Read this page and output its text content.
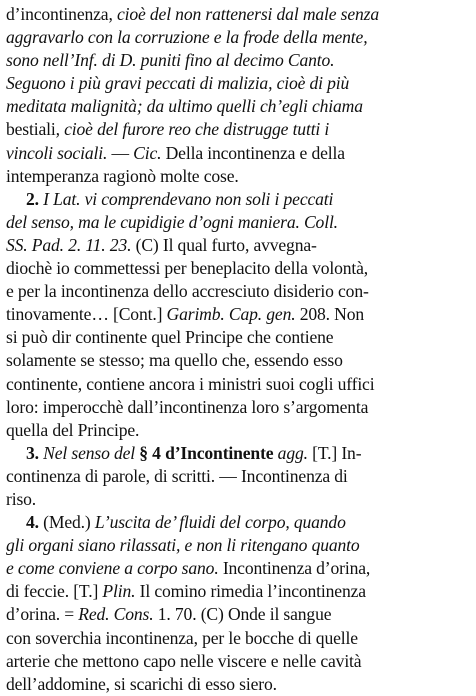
d’incontinenza, cioè del non rattenersi dal male senza
aggravarlo con la corruzione e la frode della mente,
sono nell’Inf. di D. puniti fino al decimo Canto.
Seguono i più gravi peccati di malizia, cioè di più
meditata malignità; da ultimo quelli ch’egli chiama
bestiali, cioè del furore reo che distrugge tutti i
vincoli sociali. — Cic. Della incontinenza e della
intemperanza ragionò molte cose.
2. I Lat. vi comprendevano non soli i peccati
del senso, ma le cupidigie d’ogni maniera. Coll.
SS. Pad. 2. 11. 23. (C) Il qual furto, avvegna-
diochè io commettessi per beneplacito della volontà,
e per la incontinenza dello accresciuto disiderio con-
tinovamente… [Cont.] Garimb. Cap. gen. 208. Non
si può dir continente quel Principe che contiene
solamente se stesso; ma quello che, essendo esso
continente, contiene ancora i ministri suoi cogli uffici
loro: imperocchè dall’incontinenza loro s’argomenta
quella del Principe.
3. Nel senso del § 4 d’Incontinente agg. [T.] In-
continenza di parole, di scritti. — Incontinenza di
riso.
4. (Med.) L’uscita de’ fluidi del corpo, quando
gli organi siano rilassati, e non li ritengano quanto
e come conviene a corpo sano. Incontinenza d’orina,
di feccie. [T.] Plin. Il comino rimedia l’incontinenza
d’orina. = Red. Cons. 1. 70. (C) Onde il sangue
con soverchia incontinenza, per le bocche di quelle
arterie che mettono capo nelle viscere e nelle cavità
dell’addomine, si scarichi di esso siero.
